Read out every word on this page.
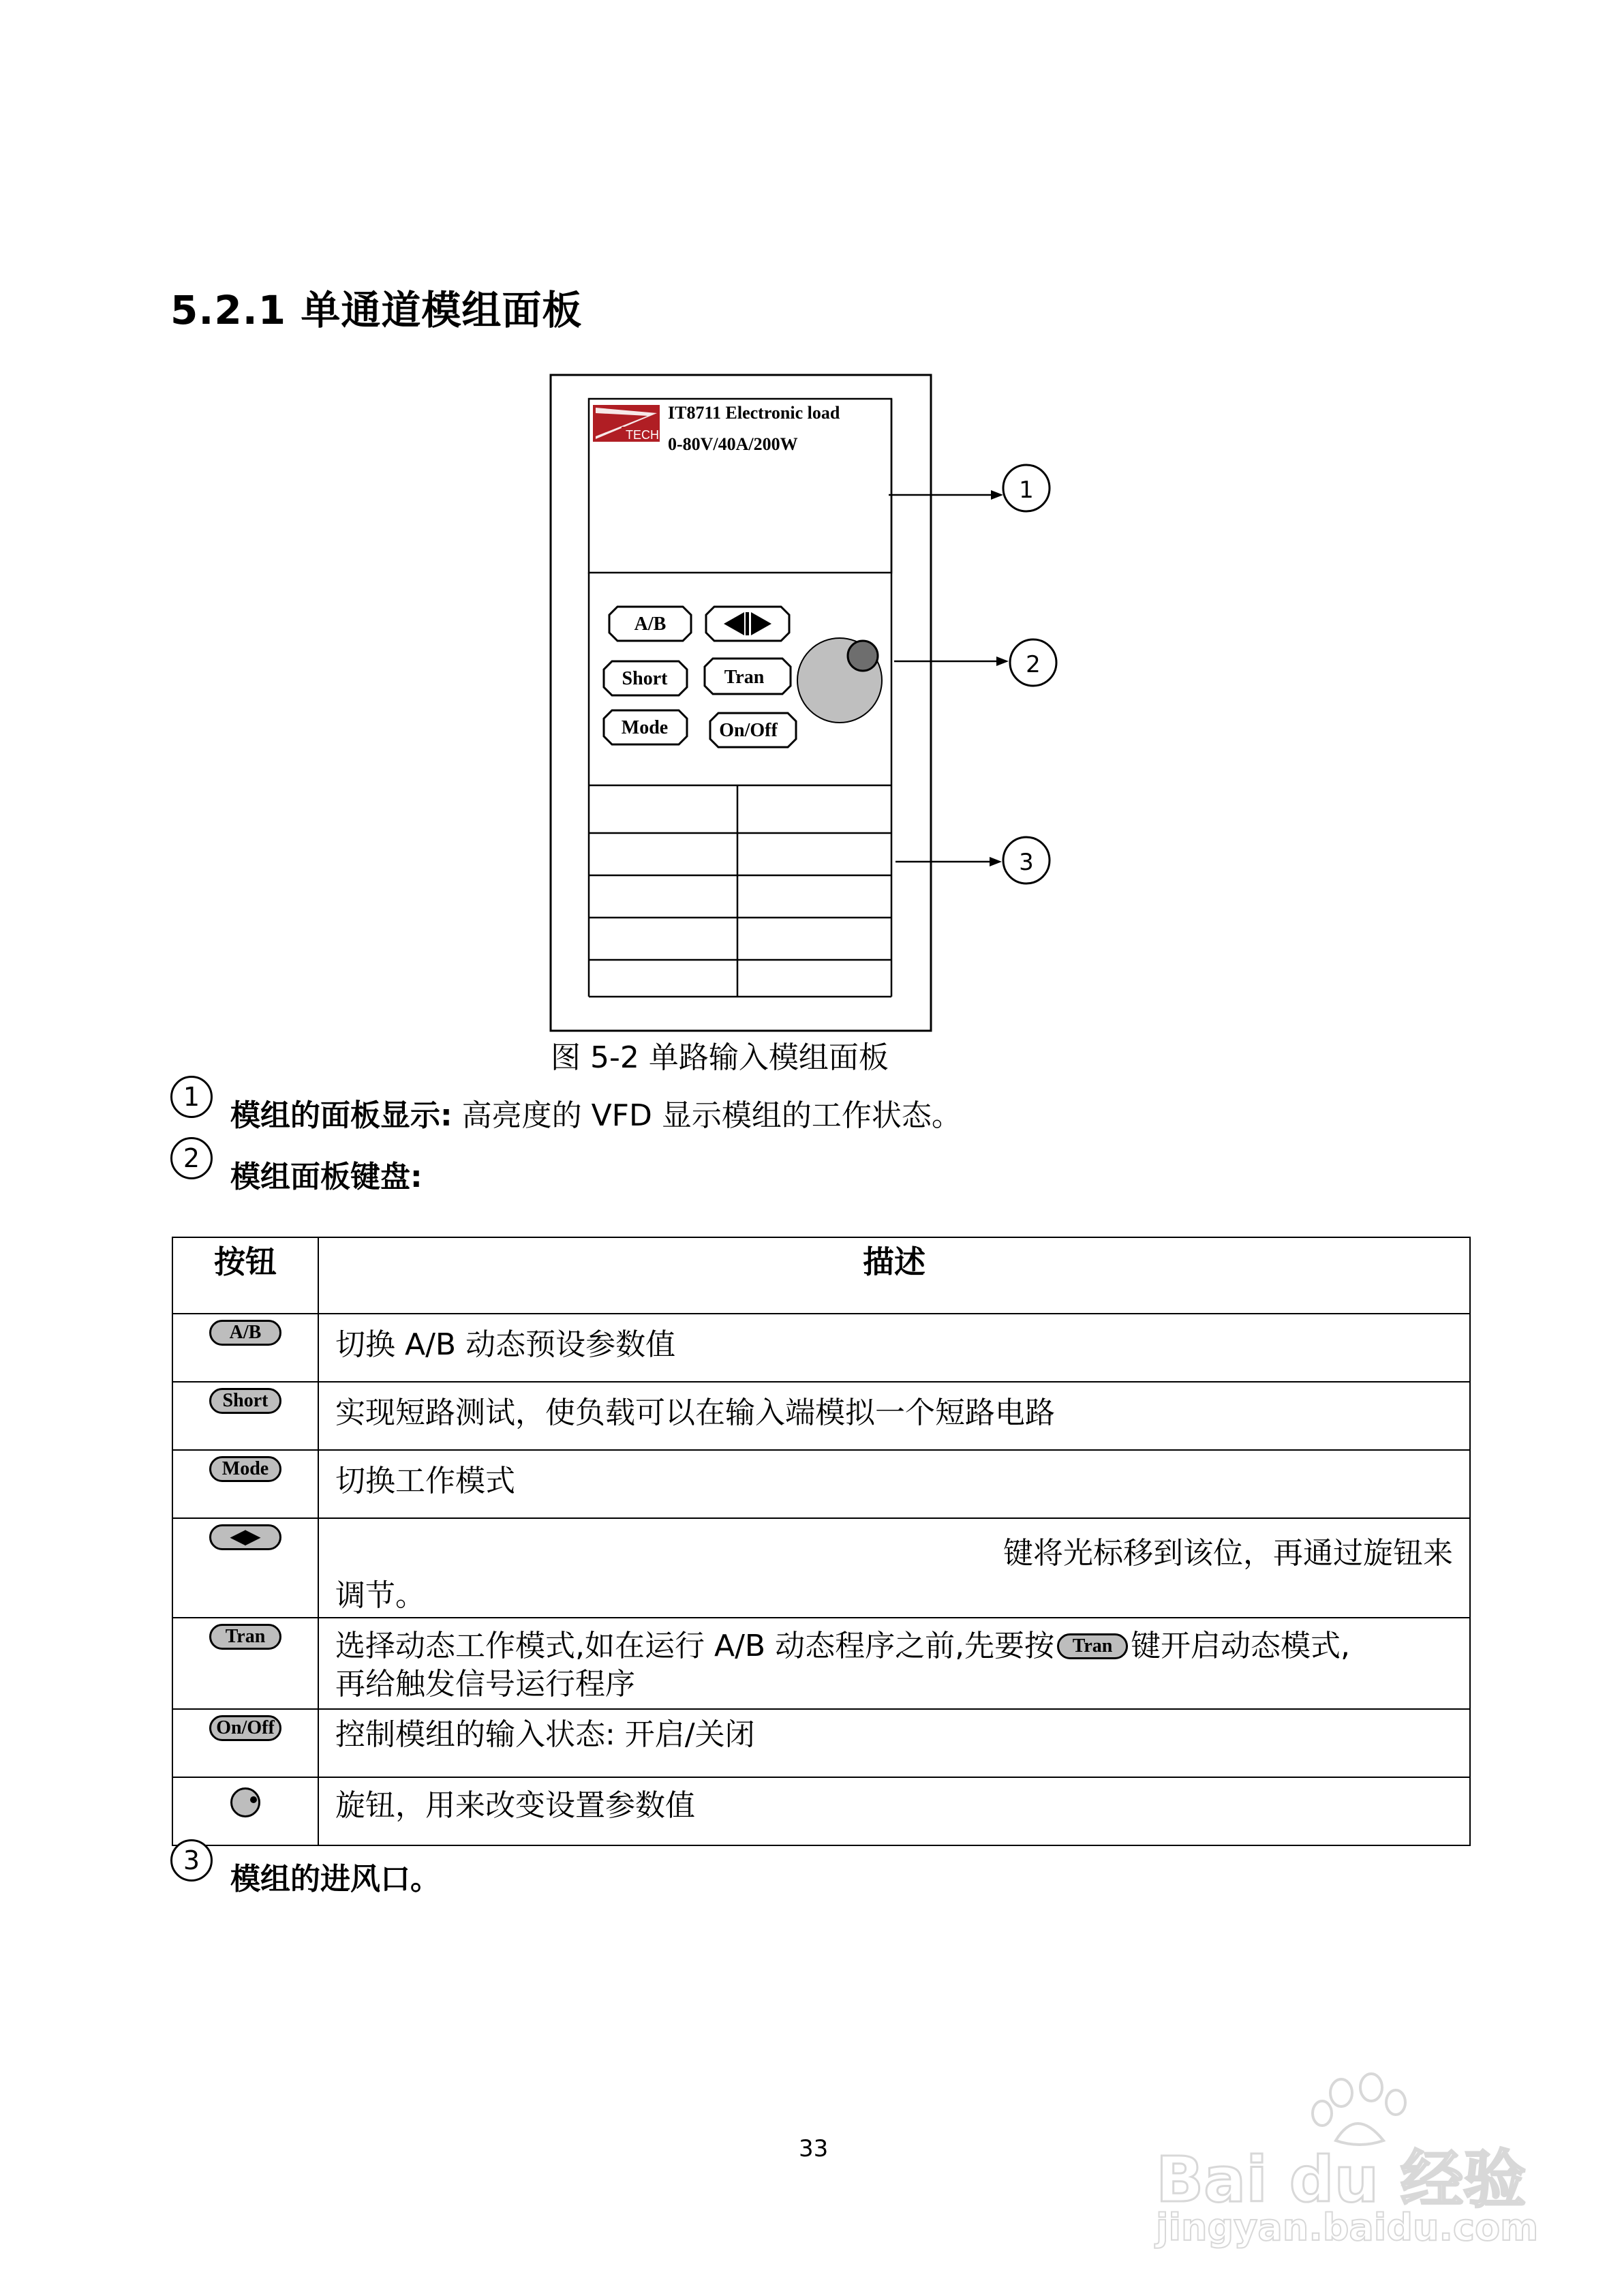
5.2.1 单通道模组面板
TECH
IT8711 Electronic load
0-80V/40A/200W
A/B
Short	Tran
Mode	On/Off
1
2
3
图 5-2 单路输入模组面板
1
模组的面板显示: 高亮度的 VFD 显示模组的工作状态。
2
模组面板键盘:
按钮	描述
A/B	切换 A/B 动态预设参数值
Short	实现短路测试，使负载可以在输入端模拟一个短路电路
Mode	切换工作模式
◀▶	键将光标移到该位，再通过旋钮来
调节。

Tran	选择动态工作模式,如在运行 A/B 动态程序之前,先要按 Tran 键开启动态模式,
再给触发信号运行程序

On/Off	控制模组的输入状态: 开启/关闭
	旋钮，用来改变设置参数值
3
模组的进风口。
33	Bai du 经验
jingyan.baidu.com
